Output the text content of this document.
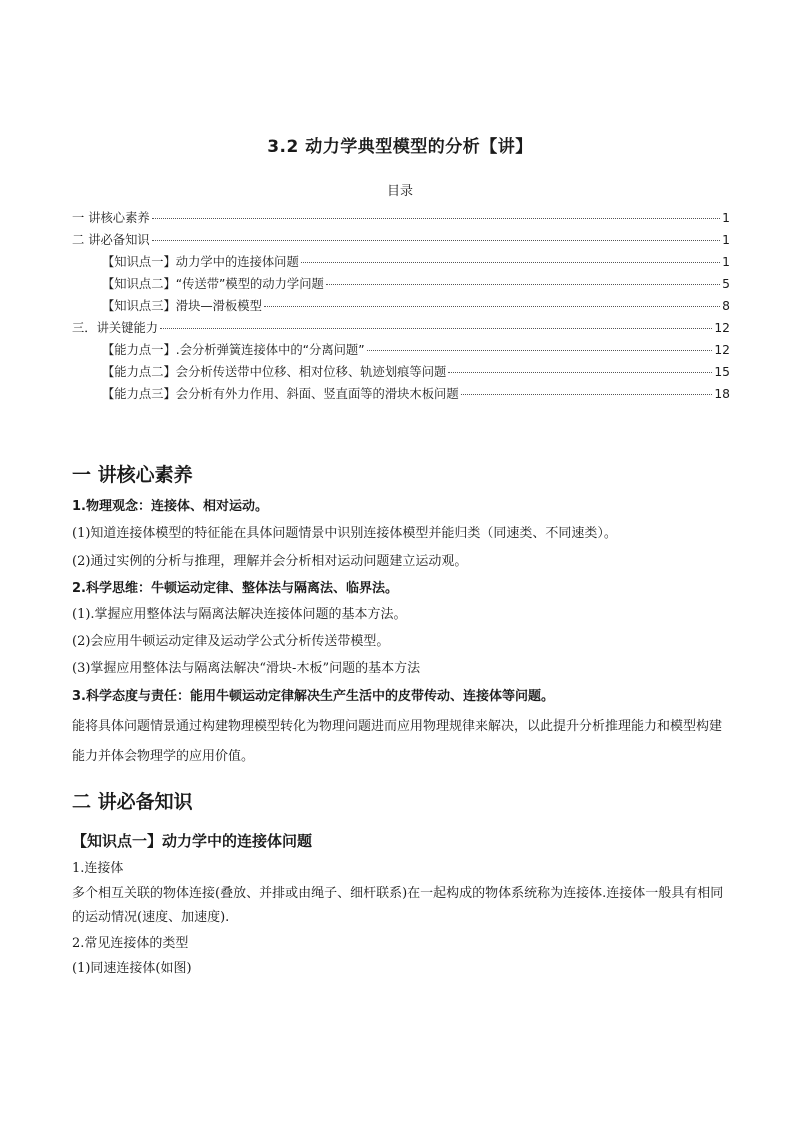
3.2 动力学典型模型的分析【讲】
目录
一 讲核心素养	1
二 讲必备知识	1
【知识点一】动力学中的连接体问题	1
【知识点二】“传送带”模型的动力学问题	5
【知识点三】滑块—滑板模型	8
三．讲关键能力	12
【能力点一】.会分析弹簧连接体中的“分离问题”	12
【能力点二】会分析传送带中位移、相对位移、轨迹划痕等问题	15
【能力点三】会分析有外力作用、斜面、竖直面等的滑块木板问题	18
一 讲核心素养
1.物理观念：连接体、相对运动。
(1)知道连接体模型的特征能在具体问题情景中识别连接体模型并能归类（同速类、不同速类）。
(2)通过实例的分析与推理，理解并会分析相对运动问题建立运动观。
2.科学思维：牛顿运动定律、整体法与隔离法、临界法。
(1).掌握应用整体法与隔离法解决连接体问题的基本方法。
(2)会应用牛顿运动定律及运动学公式分析传送带模型。
(3)掌握应用整体法与隔离法解决“滑块-木板”问题的基本方法
3.科学态度与责任：能用牛顿运动定律解决生产生活中的皮带传动、连接体等问题。
能将具体问题情景通过构建物理模型转化为物理问题进而应用物理规律来解决，以此提升分析推理能力和模型构建能力并体会物理学的应用价值。
二 讲必备知识
【知识点一】动力学中的连接体问题
1.连接体
多个相互关联的物体连接(叠放、并排或由绳子、细杆联系)在一起构成的物体系统称为连接体.连接体一般具有相同的运动情况(速度、加速度).
2.常见连接体的类型
(1)同速连接体(如图)
